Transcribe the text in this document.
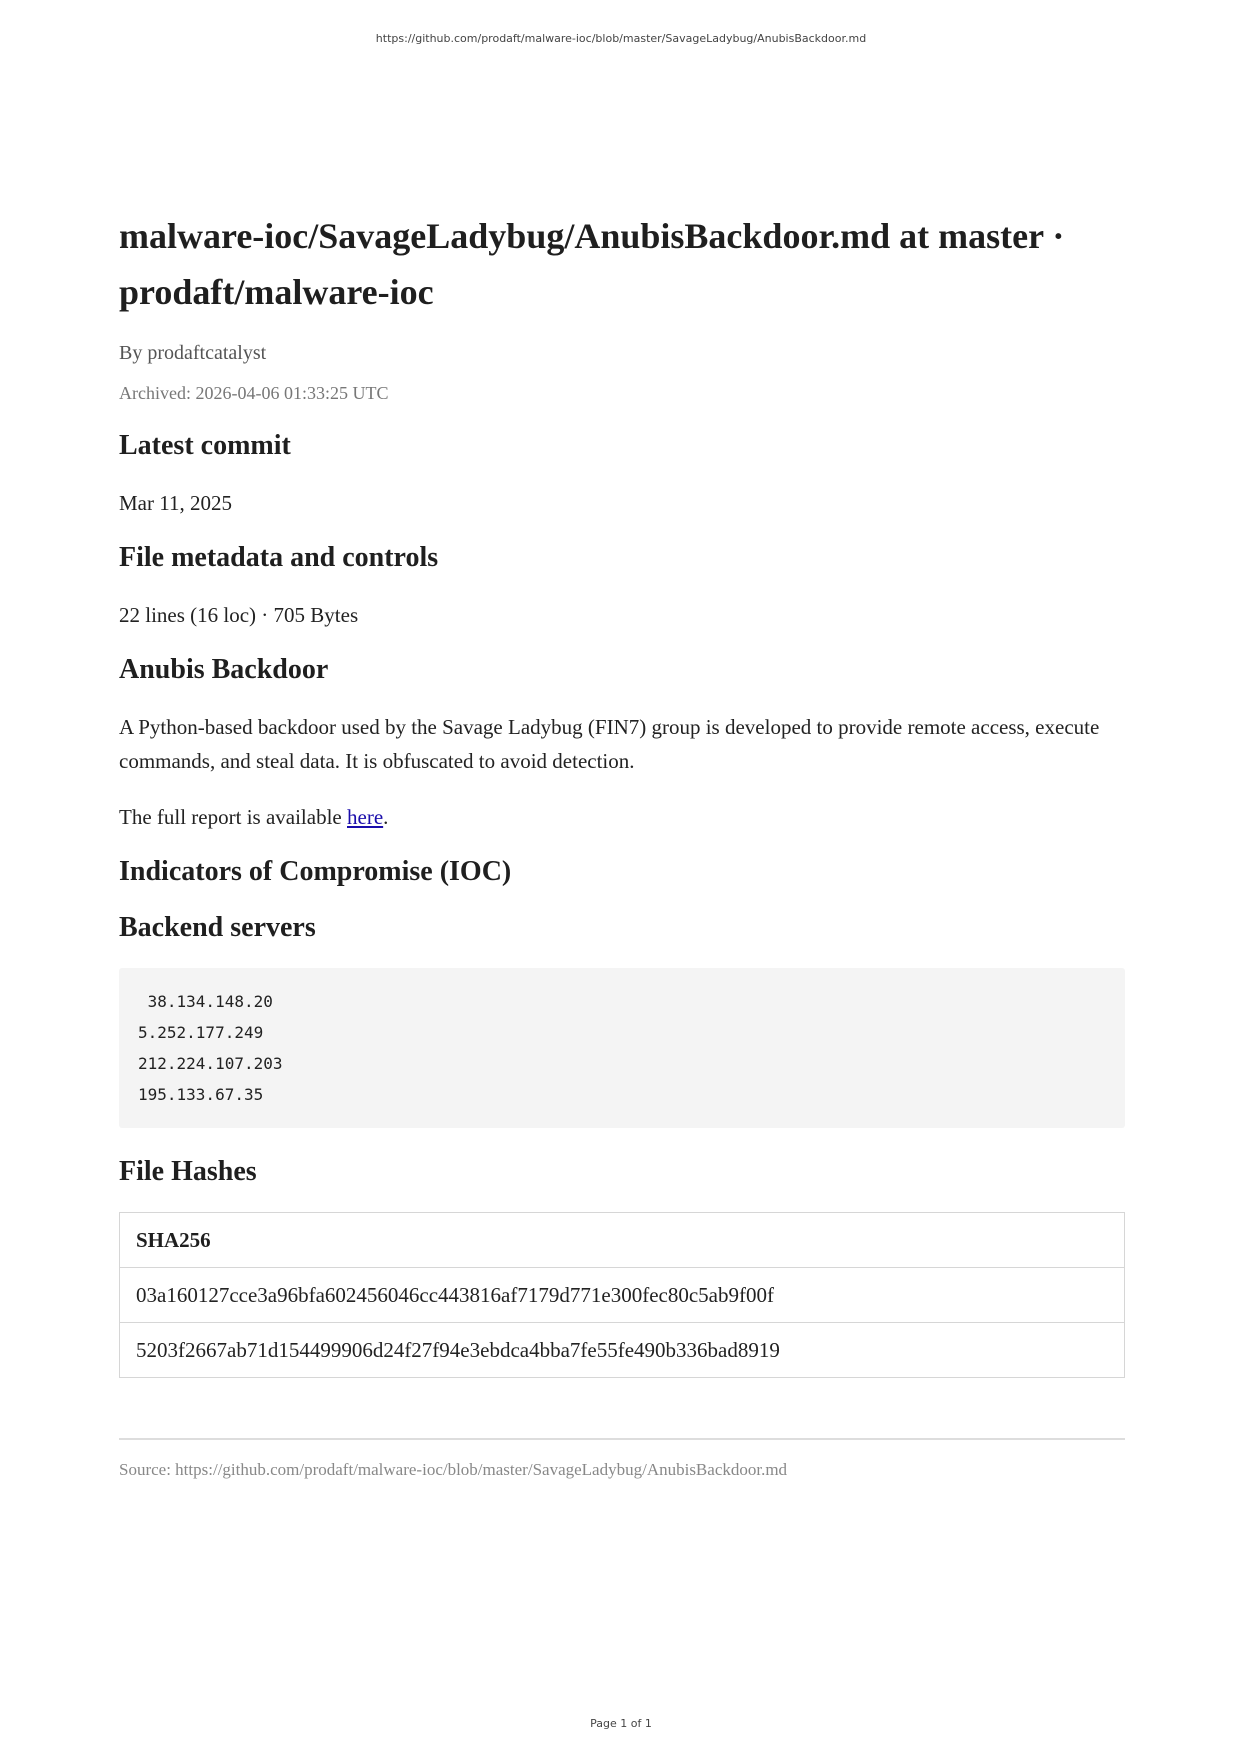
https://github.com/prodaft/malware-ioc/blob/master/SavageLadybug/AnubisBackdoor.md
malware-ioc/SavageLadybug/AnubisBackdoor.md at master · prodaft/malware-ioc
By prodaftcatalyst
Archived: 2026-04-06 01:33:25 UTC
Latest commit

Mar 11, 2025

File metadata and controls

22 lines (16 loc) · 705 Bytes

Anubis Backdoor

A Python-based backdoor used by the Savage Ladybug (FIN7) group is developed to provide remote access, execute commands, and steal data. It is obfuscated to avoid detection.

The full report is available here.

Indicators of Compromise (IOC)
Backend servers
38.134.148.20
5.252.177.249
212.224.107.203
195.133.67.35
File Hashes
SHA256
03a160127cce3a96bfa602456046cc443816af7179d771e300fec80c5ab9f00f
5203f2667ab71d154499906d24f27f94e3ebdca4bba7fe55fe490b336bad8919
Source: https://github.com/prodaft/malware-ioc/blob/master/SavageLadybug/AnubisBackdoor.md
Page 1 of 1
